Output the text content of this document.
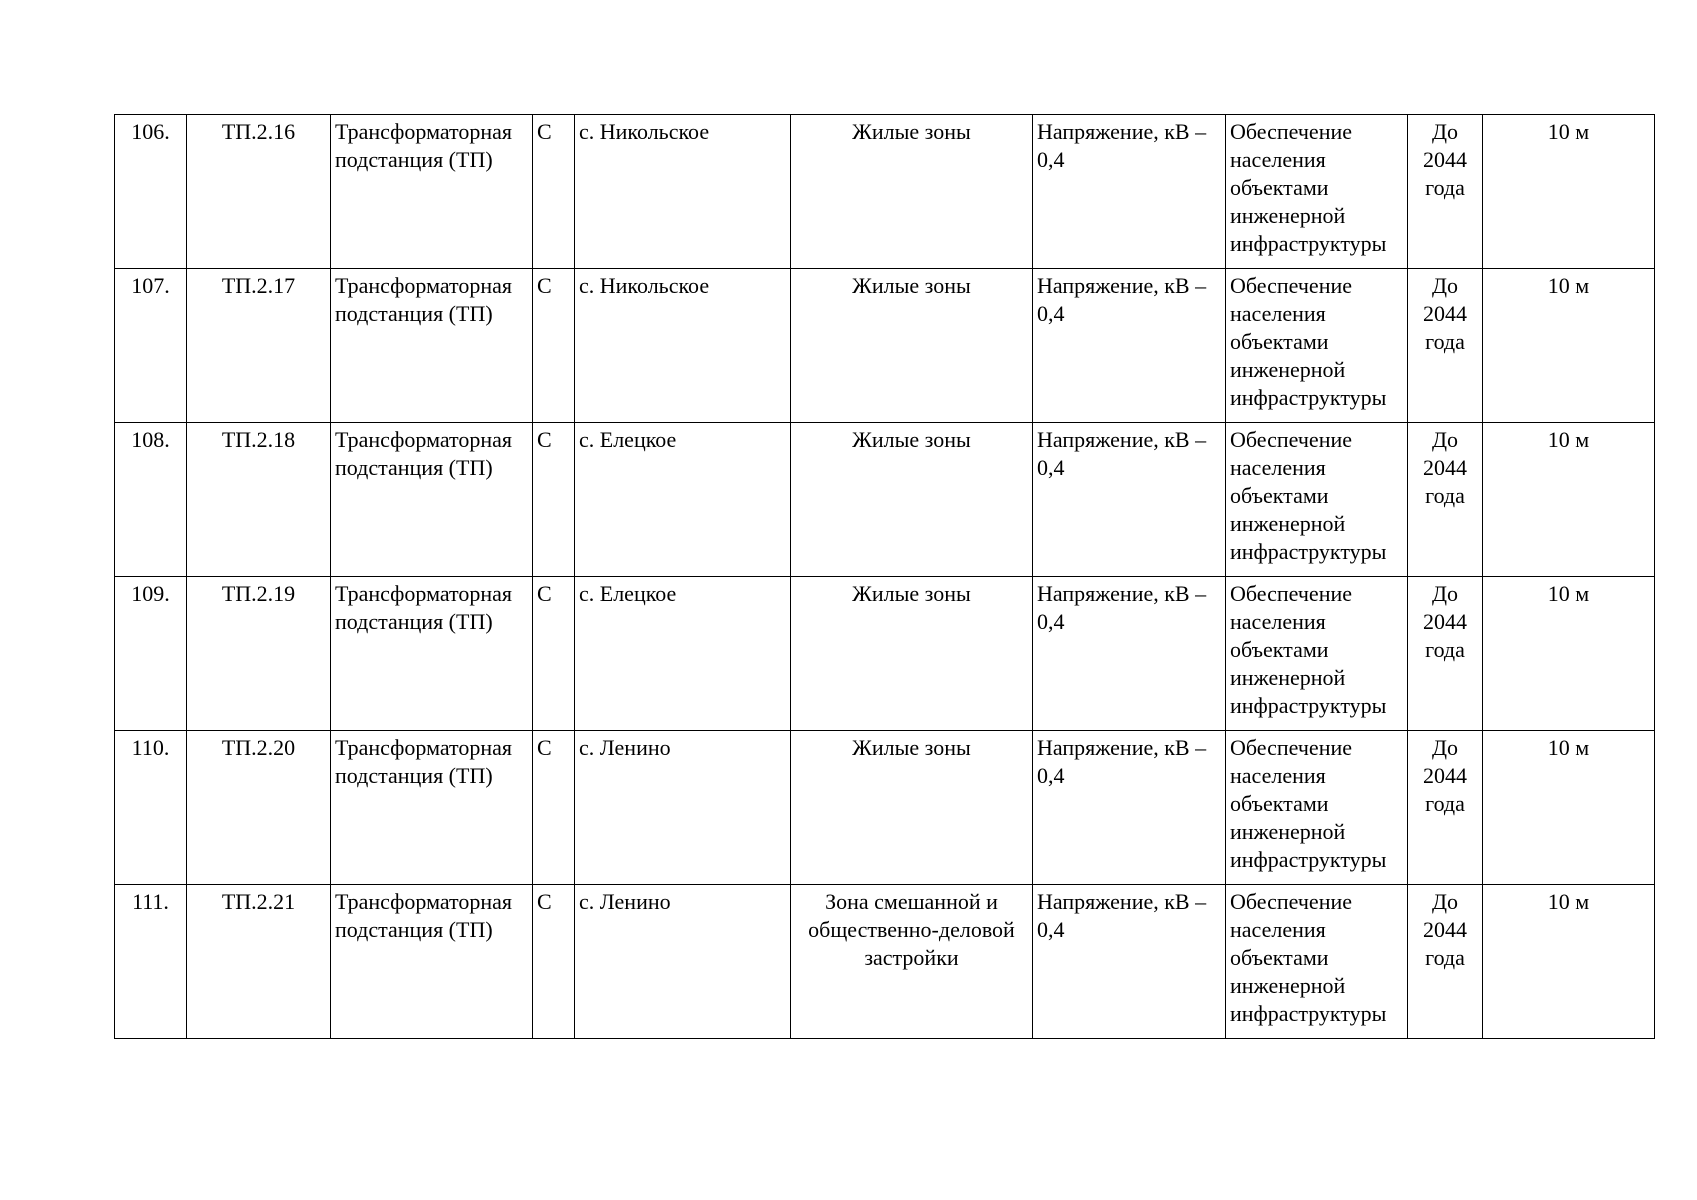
106.	ТП.2.16	Трансформаторная подстанция (ТП)	С	с. Никольское	Жилые зоны	Напряжение, кВ – 0,4	Обеспечение населения объектами инженерной инфраструктуры	До 2044 года	10 м
107.	ТП.2.17	Трансформаторная подстанция (ТП)	С	с. Никольское	Жилые зоны	Напряжение, кВ – 0,4	Обеспечение населения объектами инженерной инфраструктуры	До 2044 года	10 м
108.	ТП.2.18	Трансформаторная подстанция (ТП)	С	с. Елецкое	Жилые зоны	Напряжение, кВ – 0,4	Обеспечение населения объектами инженерной инфраструктуры	До 2044 года	10 м
109.	ТП.2.19	Трансформаторная подстанция (ТП)	С	с. Елецкое	Жилые зоны	Напряжение, кВ – 0,4	Обеспечение населения объектами инженерной инфраструктуры	До 2044 года	10 м
110.	ТП.2.20	Трансформаторная подстанция (ТП)	С	с. Ленино	Жилые зоны	Напряжение, кВ – 0,4	Обеспечение населения объектами инженерной инфраструктуры	До 2044 года	10 м
111.	ТП.2.21	Трансформаторная подстанция (ТП)	С	с. Ленино	Зона смешанной и общественно-деловой застройки	Напряжение, кВ – 0,4	Обеспечение населения объектами инженерной инфраструктуры	До 2044 года	10 м
